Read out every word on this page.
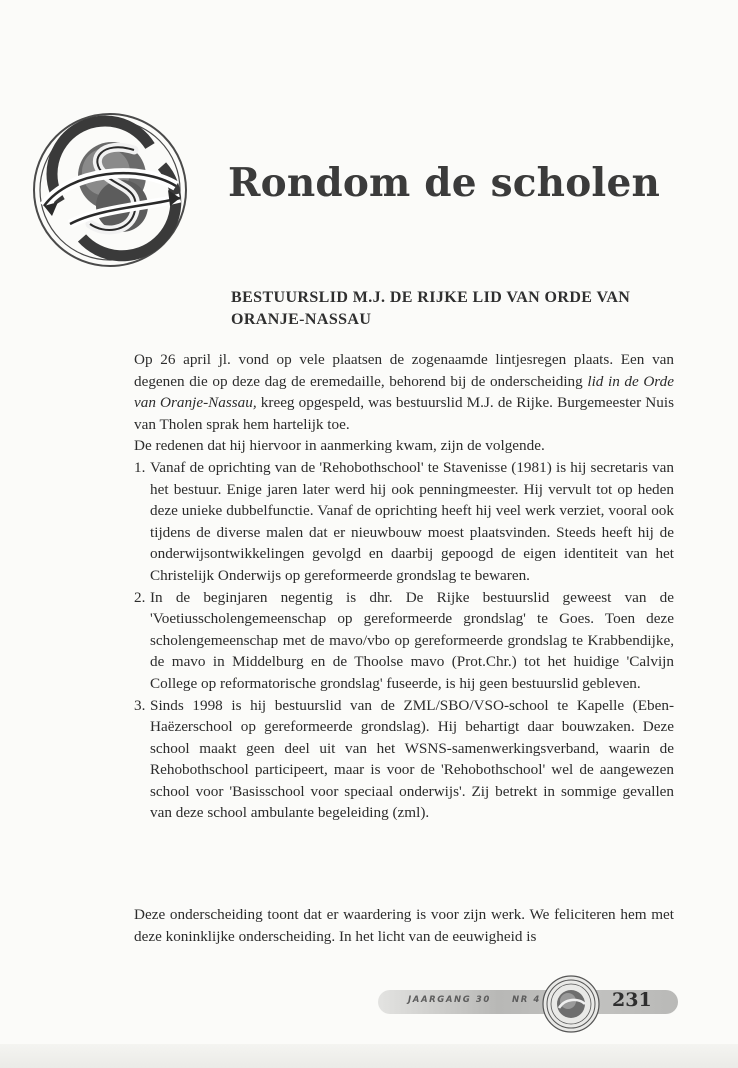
Rondom de scholen
BESTUURSLID M.J. DE RIJKE LID VAN ORDE VAN ORANJE-NASSAU

Op 26 april jl. vond op vele plaatsen de zogenaamde lintjesregen plaats. Een van degenen die op deze dag de eremedaille, behorend bij de onderscheiding lid in de Orde van Oranje-Nassau, kreeg opgespeld, was bestuurslid M.J. de Rijke. Burgemeester Nuis van Tholen sprak hem hartelijk toe.

De redenen dat hij hiervoor in aanmerking kwam, zijn de volgende.

1. Vanaf de oprichting van de 'Rehobothschool' te Stavenisse (1981) is hij secretaris van het bestuur. Enige jaren later werd hij ook penningmeester. Hij vervult tot op heden deze unieke dubbelfunctie. Vanaf de oprichting heeft hij veel werk verziet, vooral ook tijdens de diverse malen dat er nieuwbouw moest plaatsvinden. Steeds heeft hij de onderwijsontwikkelingen gevolgd en daarbij gepoogd de eigen identiteit van het Christelijk Onderwijs op gereformeerde grondslag te bewaren.
2. In de beginjaren negentig is dhr. De Rijke bestuurslid geweest van de 'Voetiusscholengemeenschap op gereformeerde grondslag' te Goes. Toen deze scholengemeenschap met de mavo/vbo op gereformeerde grondslag te Krabbendijke, de mavo in Middelburg en de Thoolse mavo (Prot.Chr.) tot het huidige 'Calvijn College op reformatorische grondslag' fuseerde, is hij geen bestuurslid gebleven.
3. Sinds 1998 is hij bestuurslid van de ZML/SBO/VSO-school te Kapelle (Eben-Haëzerschool op gereformeerde grondslag). Hij behartigt daar bouwzaken. Deze school maakt geen deel uit van het WSNS-samenwerkingsverband, waarin de Rehobothschool participeert, maar is voor de 'Rehobothschool' wel de aangewezen school voor 'Basisschool voor speciaal onderwijs'. Zij betrekt in sommige gevallen van deze school ambulante begeleiding (zml).

Deze onderscheiding toont dat er waardering is voor zijn werk. We feliciteren hem met deze koninklijke onderscheiding. In het licht van de eeuwigheid is

JAARGANG 30 NR 4	231
